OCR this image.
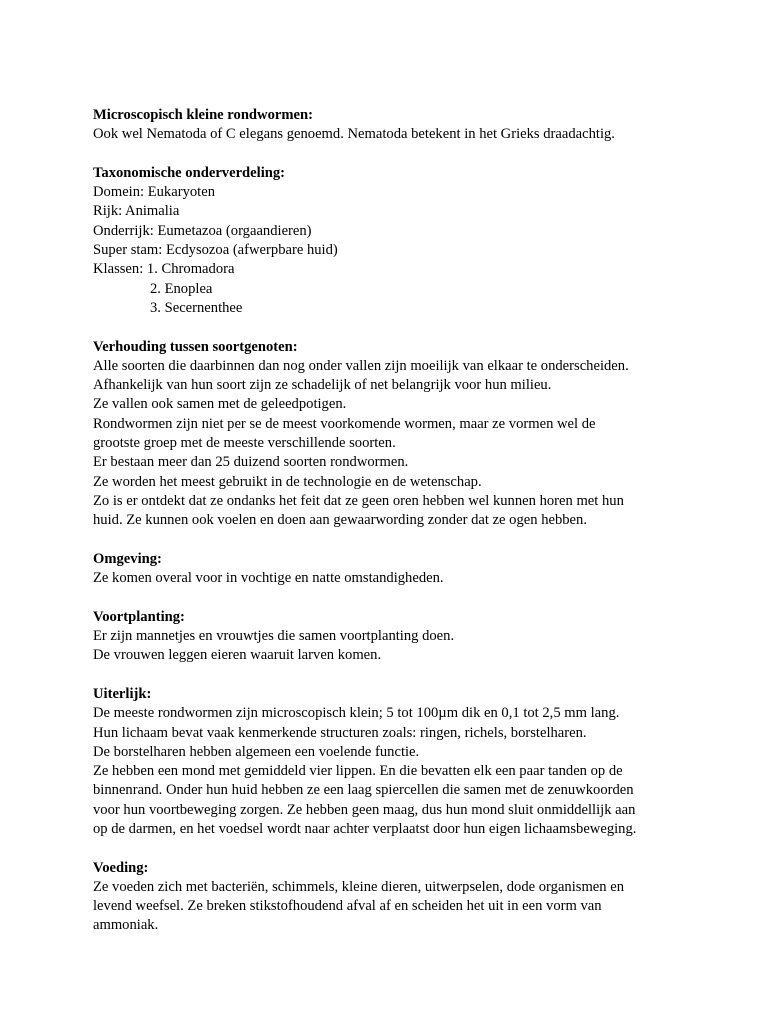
Microscopisch kleine rondwormen:
Ook wel Nematoda of C elegans genoemd. Nematoda betekent in het Grieks draadachtig.
Taxonomische onderverdeling:
Domein: Eukaryoten
Rijk: Animalia
Onderrijk: Eumetazoa (orgaandieren)
Super stam: Ecdysozoa (afwerpbare huid)
Klassen: 1. Chromadora
2. Enoplea
3. Secernenthee
Verhouding tussen soortgenoten:
Alle soorten die daarbinnen dan nog onder vallen zijn moeilijk van elkaar te onderscheiden.
Afhankelijk van hun soort zijn ze schadelijk of net belangrijk voor hun milieu.
Ze vallen ook samen met de geleedpotigen.
Rondwormen zijn niet per se de meest voorkomende wormen, maar ze vormen wel de
grootste groep met de meeste verschillende soorten.
Er bestaan meer dan 25 duizend soorten rondwormen.
Ze worden het meest gebruikt in de technologie en de wetenschap.
Zo is er ontdekt dat ze ondanks het feit dat ze geen oren hebben wel kunnen horen met hun
huid. Ze kunnen ook voelen en doen aan gewaarwording zonder dat ze ogen hebben.
Omgeving:
Ze komen overal voor in vochtige en natte omstandigheden.
Voortplanting:
Er zijn mannetjes en vrouwtjes die samen voortplanting doen.
De vrouwen leggen eieren waaruit larven komen.
Uiterlijk:
De meeste rondwormen zijn microscopisch klein; 5 tot 100µm dik en 0,1 tot 2,5 mm lang.
Hun lichaam bevat vaak kenmerkende structuren zoals: ringen, richels, borstelharen.
De borstelharen hebben algemeen een voelende functie.
Ze hebben een mond met gemiddeld vier lippen. En die bevatten elk een paar tanden op de
binnenrand. Onder hun huid hebben ze een laag spiercellen die samen met de zenuwkoorden
voor hun voortbeweging zorgen. Ze hebben geen maag, dus hun mond sluit onmiddellijk aan
op de darmen, en het voedsel wordt naar achter verplaatst door hun eigen lichaamsbeweging.
Voeding:
Ze voeden zich met bacteriën, schimmels, kleine dieren, uitwerpselen, dode organismen en
levend weefsel. Ze breken stikstofhoudend afval af en scheiden het uit in een vorm van
ammoniak.
